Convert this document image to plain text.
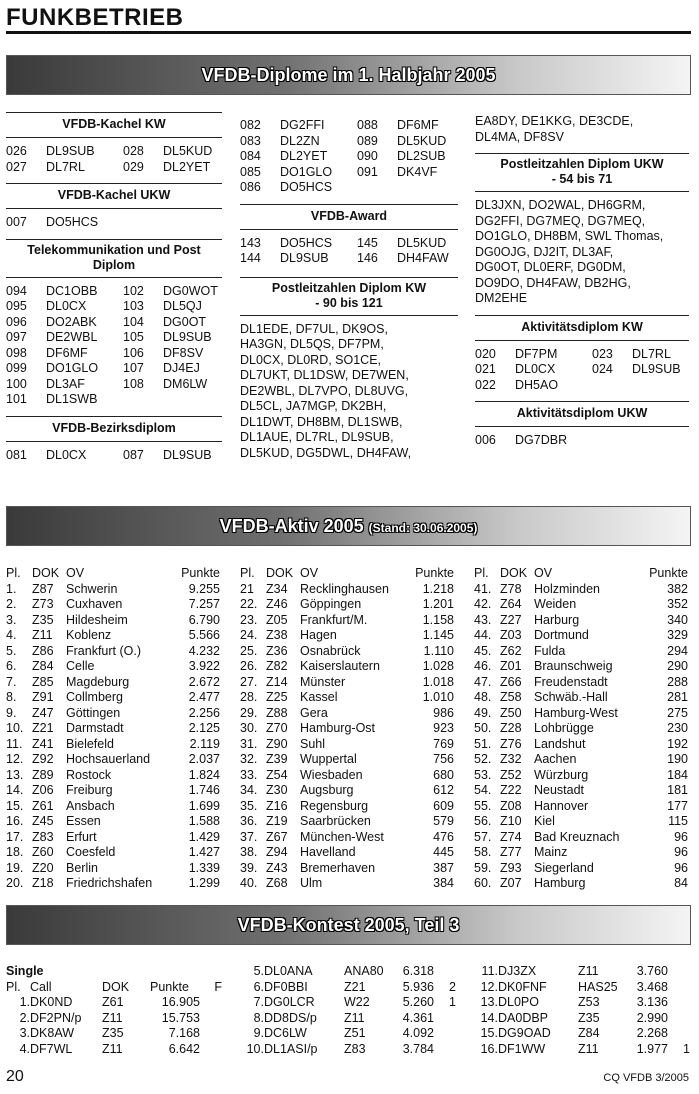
FUNKBETRIEB
VFDB-Diplome im 1. Halbjahr 2005
VFDB-Kachel KW
026	DL9SUB	028	DL5KUD
027	DL7RL	029	DL2YET
VFDB-Kachel UKW
007	DO5HCS		
Telekommunikation und Post Diplom
094	DC1OBB	102	DG0WOT
095	DL0CX	103	DL5QJ
096	DO2ABK	104	DG0OT
097	DE2WBL	105	DL9SUB
098	DF6MF	106	DF8SV
099	DO1GLO	107	DJ4EJ
100	DL3AF	108	DM6LW
101	DL1SWB		
VFDB-Bezirksdiplom
081	DL0CX	087	DL9SUB
082	DG2FFI	088	DF6MF
083	DL2ZN	089	DL5KUD
084	DL2YET	090	DL2SUB
085	DO1GLO	091	DK4VF
086	DO5HCS		
VFDB-Award
143	DO5HCS	145	DL5KUD
144	DL9SUB	146	DH4FAW
Postleitzahlen Diplom KW - 90 bis 121
DL1EDE, DF7UL, DK9OS,
HA3GN, DL5QS, DF7PM,
DL0CX, DL0RD, SO1CE,
DL7UKT, DL1DSW, DE7WEN,
DE2WBL, DL7VPO, DL8UVG,
DL5CL, JA7MGP, DK2BH,
DL1DWT, DH8BM, DL1SWB,
DL1AUE, DL7RL, DL9SUB,
DL5KUD, DG5DWL, DH4FAW,
EA8DY, DE1KKG, DE3CDE,
DL4MA, DF8SV
Postleitzahlen Diplom UKW - 54 bis 71
DL3JXN, DO2WAL, DH6GRM,
DG2FFI, DG7MEQ, DG7MEQ,
DO1GLO, DH8BM, SWL Thomas,
DG0OJG, DJ2IT, DL3AF,
DG0OT, DL0ERF, DG0DM,
DO9DO, DH4FAW, DB2HG,
DM2EHE
Aktivitätsdiplom KW
020	DF7PM	023	DL7RL
021	DL0CX	024	DL9SUB
022	DH5AO		
Aktivitätsdiplom UKW
006	DG7DBR		
VFDB-Aktiv 2005 (Stand: 30.06.2005)
Pl.	DOK	OV	Punkte
1.	Z87	Schwerin	9.255
2.	Z73	Cuxhaven	7.257
3.	Z35	Hildesheim	6.790
4.	Z11	Koblenz	5.566
5.	Z86	Frankfurt (O.)	4.232
6.	Z84	Celle	3.922
7.	Z85	Magdeburg	2.672
8.	Z91	Collmberg	2.477
9.	Z47	Göttingen	2.256
10.	Z21	Darmstadt	2.125
11.	Z41	Bielefeld	2.119
12.	Z92	Hochsauerland	2.037
13.	Z89	Rostock	1.824
14.	Z06	Freiburg	1.746
15.	Z61	Ansbach	1.699
16.	Z45	Essen	1.588
17.	Z83	Erfurt	1.429
18.	Z60	Coesfeld	1.427
19.	Z20	Berlin	1.339
20.	Z18	Friedrichshafen	1.299
Pl.	DOK	OV	Punkte
21	Z34	Recklinghausen	1.218
22.	Z46	Göppingen	1.201
23.	Z05	Frankfurt/M.	1.158
24.	Z38	Hagen	1.145
25.	Z36	Osnabrück	1.110
26.	Z82	Kaiserslautern	1.028
27.	Z14	Münster	1.018
28.	Z25	Kassel	1.010
29.	Z88	Gera	986
30.	Z70	Hamburg-Ost	923
31.	Z90	Suhl	769
32.	Z39	Wuppertal	756
33.	Z54	Wiesbaden	680
34.	Z30	Augsburg	612
35.	Z16	Regensburg	609
36.	Z19	Saarbrücken	579
37.	Z67	München-West	476
38.	Z94	Havelland	445
39.	Z43	Bremerhaven	387
40.	Z68	Ulm	384
Pl.	DOK	OV	Punkte
41.	Z78	Holzminden	382
42.	Z64	Weiden	352
43.	Z27	Harburg	340
44.	Z03	Dortmund	329
45.	Z62	Fulda	294
46.	Z01	Braunschweig	290
47.	Z66	Freudenstadt	288
48.	Z58	Schwäb.-Hall	281
49.	Z50	Hamburg-West	275
50.	Z28	Lohbrügge	230
51.	Z76	Landshut	192
52.	Z32	Aachen	190
53.	Z52	Würzburg	184
54.	Z22	Neustadt	181
55.	Z08	Hannover	177
56.	Z10	Kiel	115
57.	Z74	Bad Kreuznach	96
58.	Z77	Mainz	96
59.	Z93	Siegerland	96
60.	Z07	Hamburg	84
VFDB-Kontest 2005, Teil 3
Single
Pl.	Call	DOK	Punkte	F
1.	DK0ND	Z61	16.905	
2.	DF2PN/p	Z11	15.753	
3.	DK8AW	Z35	7.168	
4.	DF7WL	Z11	6.642	
5.	DL0ANA	ANA80	6.318	
6.	DF0BBI	Z21	5.936	2
7.	DG0LCR	W22	5.260	1
8.	DD8DS/p	Z11	4.361	
9.	DC6LW	Z51	4.092	
10.	DL1ASI/p	Z83	3.784	
11.	DJ3ZX	Z11	3.760	
12.	DK0FNF	HAS25	3.468	
13.	DL0PO	Z53	3.136	
14.	DA0DBP	Z35	2.990	
15.	DG9OAD	Z84	2.268	
16.	DF1WW	Z11	1.977	1
20	CQ VFDB 3/2005
